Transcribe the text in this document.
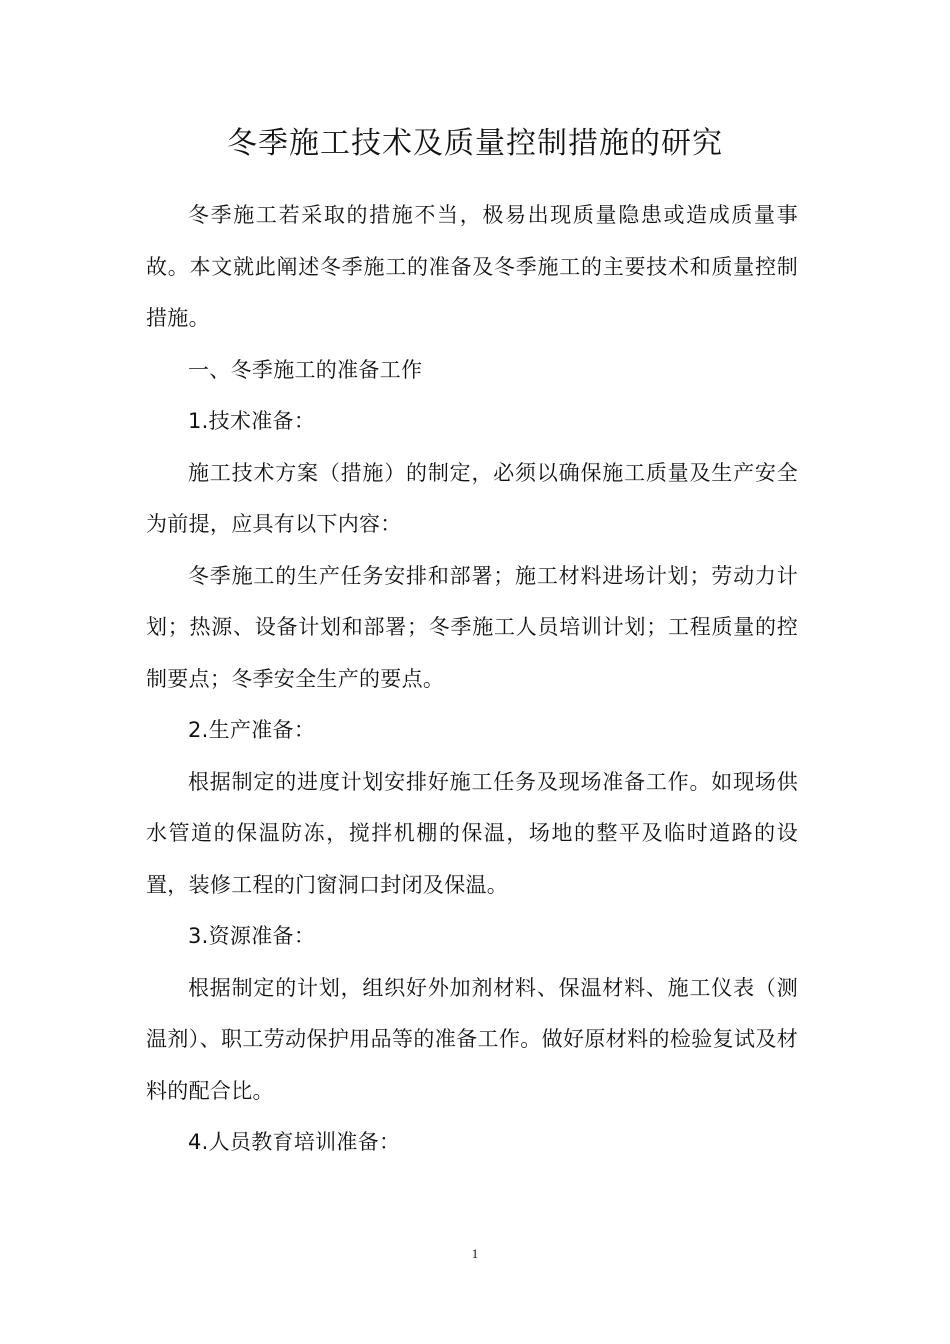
冬季施工技术及质量控制措施的研究

冬季施工若采取的措施不当，极易出现质量隐患或造成质量事故。本文就此阐述冬季施工的准备及冬季施工的主要技术和质量控制措施。

一、冬季施工的准备工作

1.技术准备：

施工技术方案（措施）的制定，必须以确保施工质量及生产安全为前提，应具有以下内容：

冬季施工的生产任务安排和部署；施工材料进场计划；劳动力计划；热源、设备计划和部署；冬季施工人员培训计划；工程质量的控制要点；冬季安全生产的要点。

2.生产准备：

根据制定的进度计划安排好施工任务及现场准备工作。如现场供水管道的保温防冻，搅拌机棚的保温，场地的整平及临时道路的设置，装修工程的门窗洞口封闭及保温。

3.资源准备：

根据制定的计划，组织好外加剂材料、保温材料、施工仪表（测温剂）、职工劳动保护用品等的准备工作。做好原材料的检验复试及材料的配合比。

4.人员教育培训准备：

1
